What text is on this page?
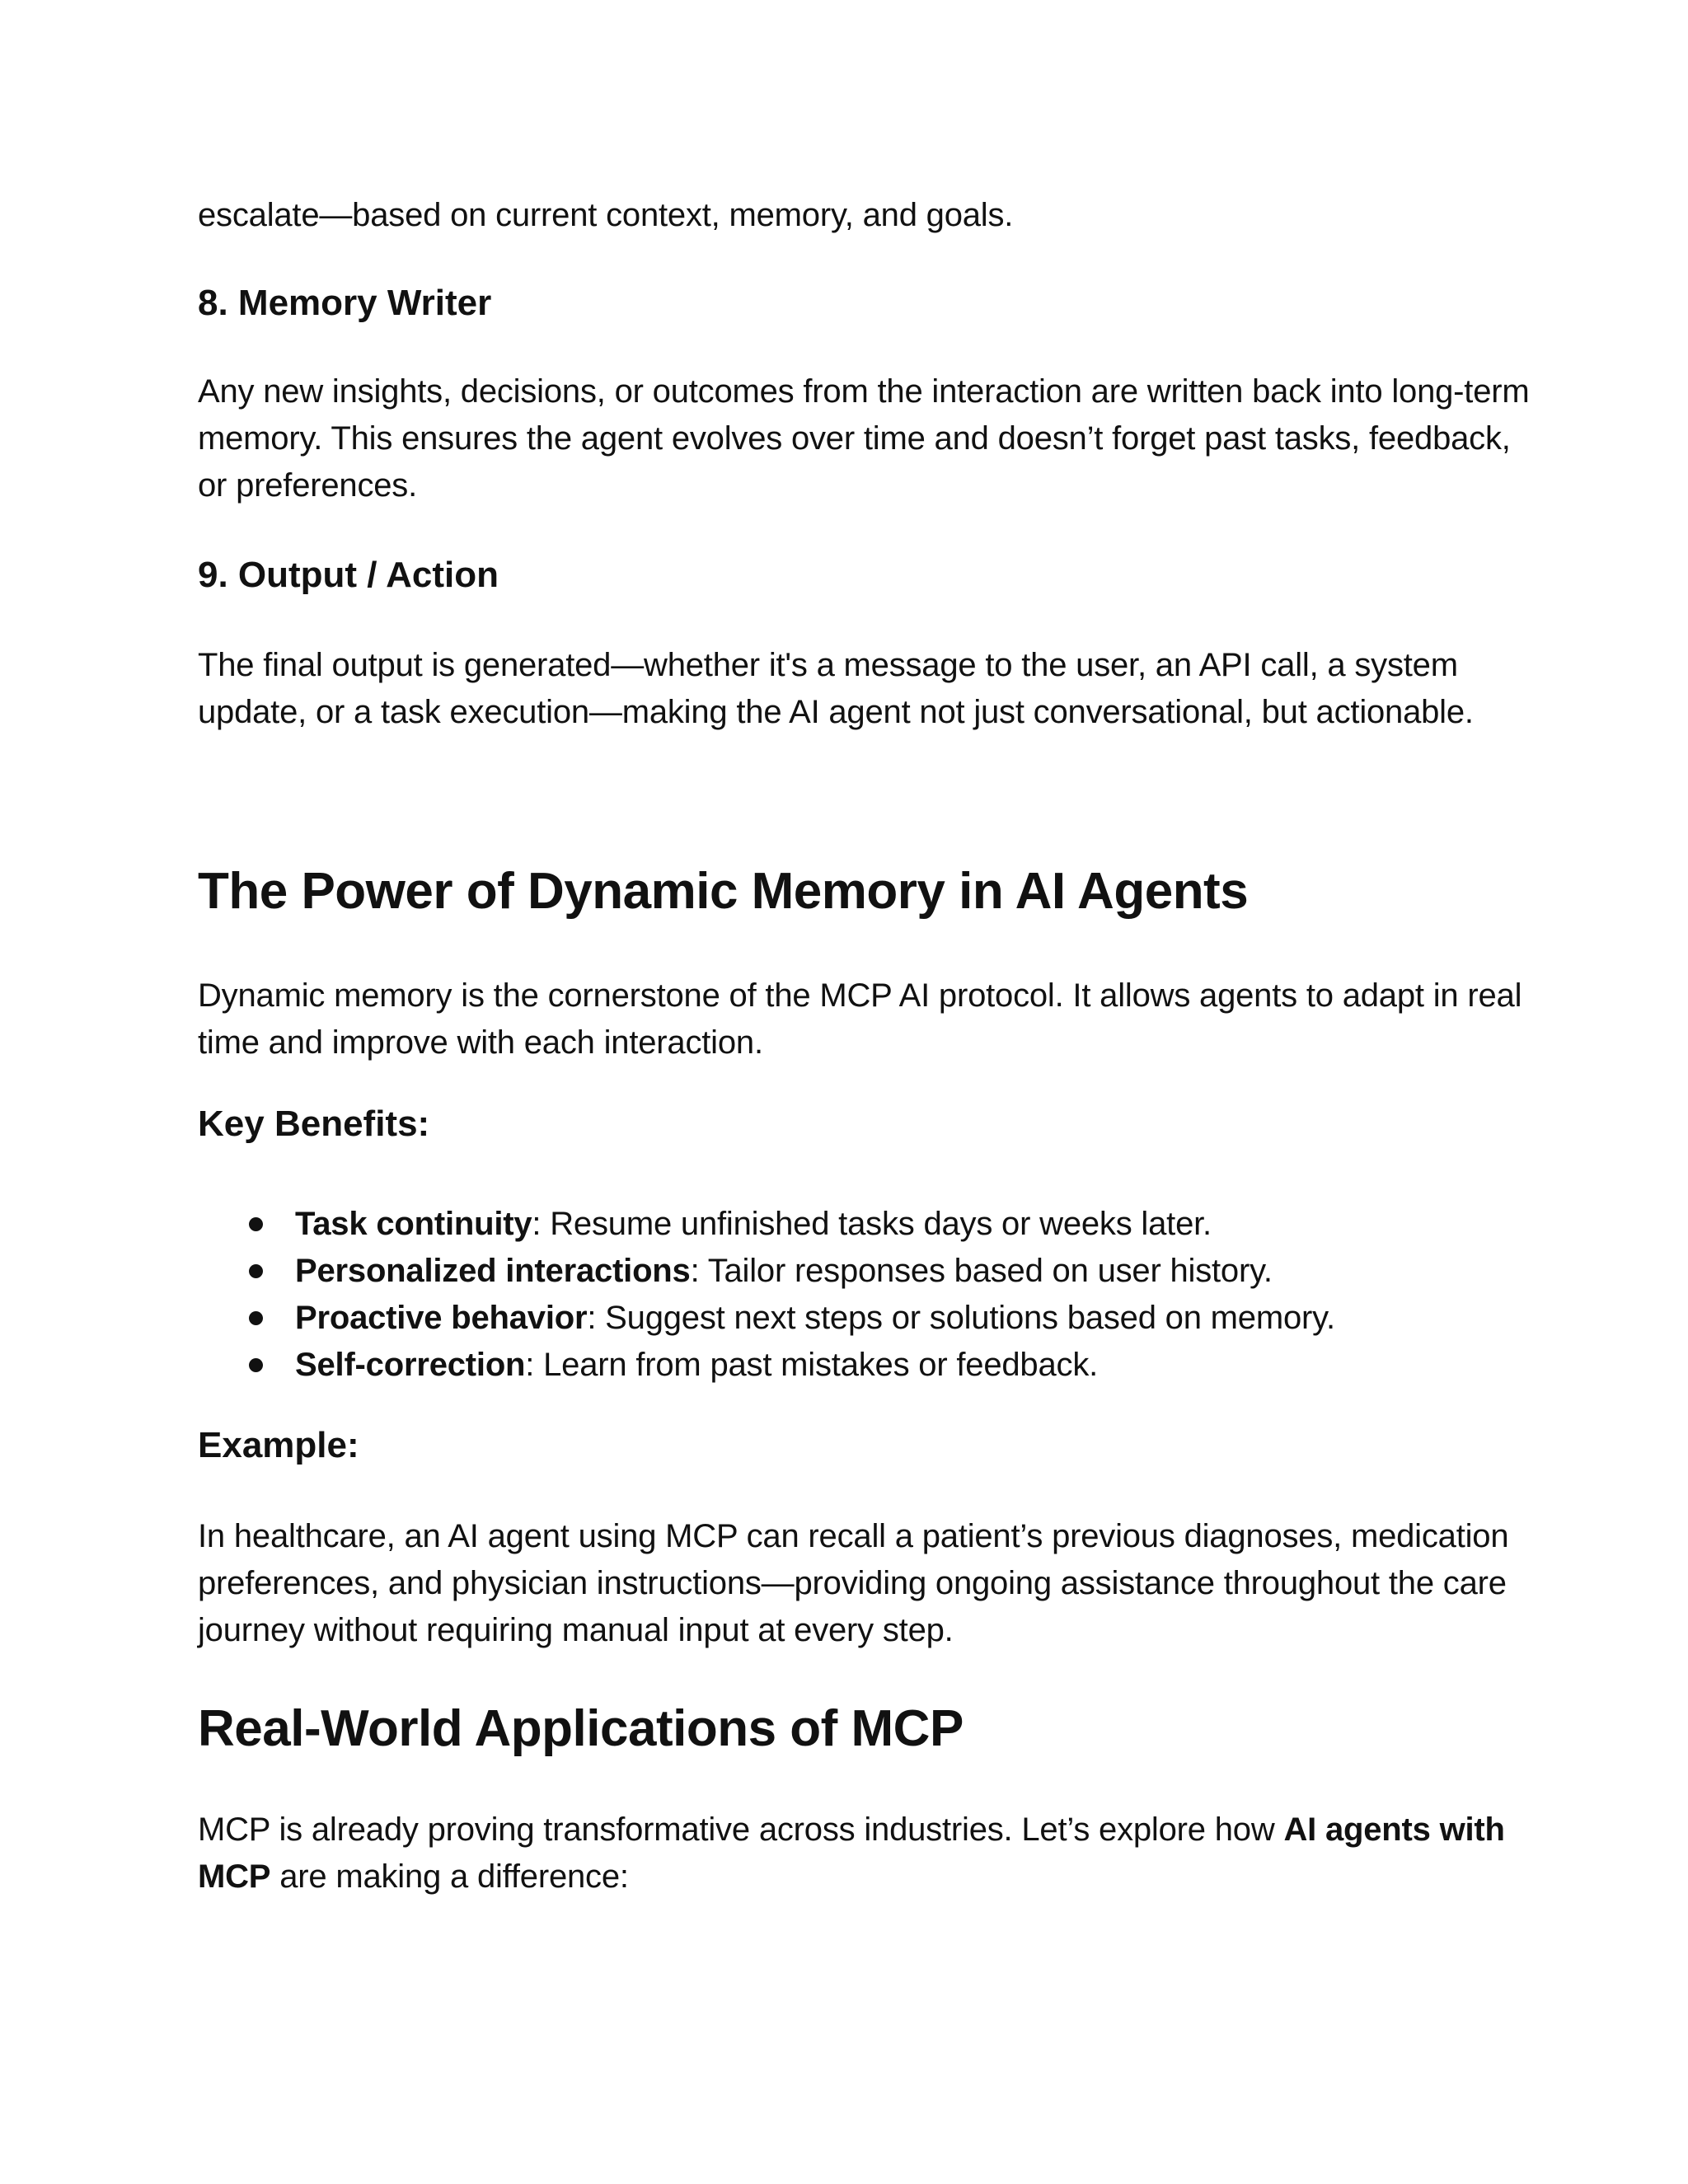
escalate—based on current context, memory, and goals.

8. Memory Writer

Any new insights, decisions, or outcomes from the interaction are written back into long-term memory. This ensures the agent evolves over time and doesn’t forget past tasks, feedback, or preferences.

9. Output / Action

The final output is generated—whether it's a message to the user, an API call, a system update, or a task execution—making the AI agent not just conversational, but actionable.

The Power of Dynamic Memory in AI Agents

Dynamic memory is the cornerstone of the MCP AI protocol. It allows agents to adapt in real time and improve with each interaction.

Key Benefits:
Task continuity: Resume unfinished tasks days or weeks later.
Personalized interactions: Tailor responses based on user history.
Proactive behavior: Suggest next steps or solutions based on memory.
Self-correction: Learn from past mistakes or feedback.
Example:

In healthcare, an AI agent using MCP can recall a patient’s previous diagnoses, medication preferences, and physician instructions—providing ongoing assistance throughout the care journey without requiring manual input at every step.

Real-World Applications of MCP

MCP is already proving transformative across industries. Let’s explore how AI agents with MCP are making a difference:
